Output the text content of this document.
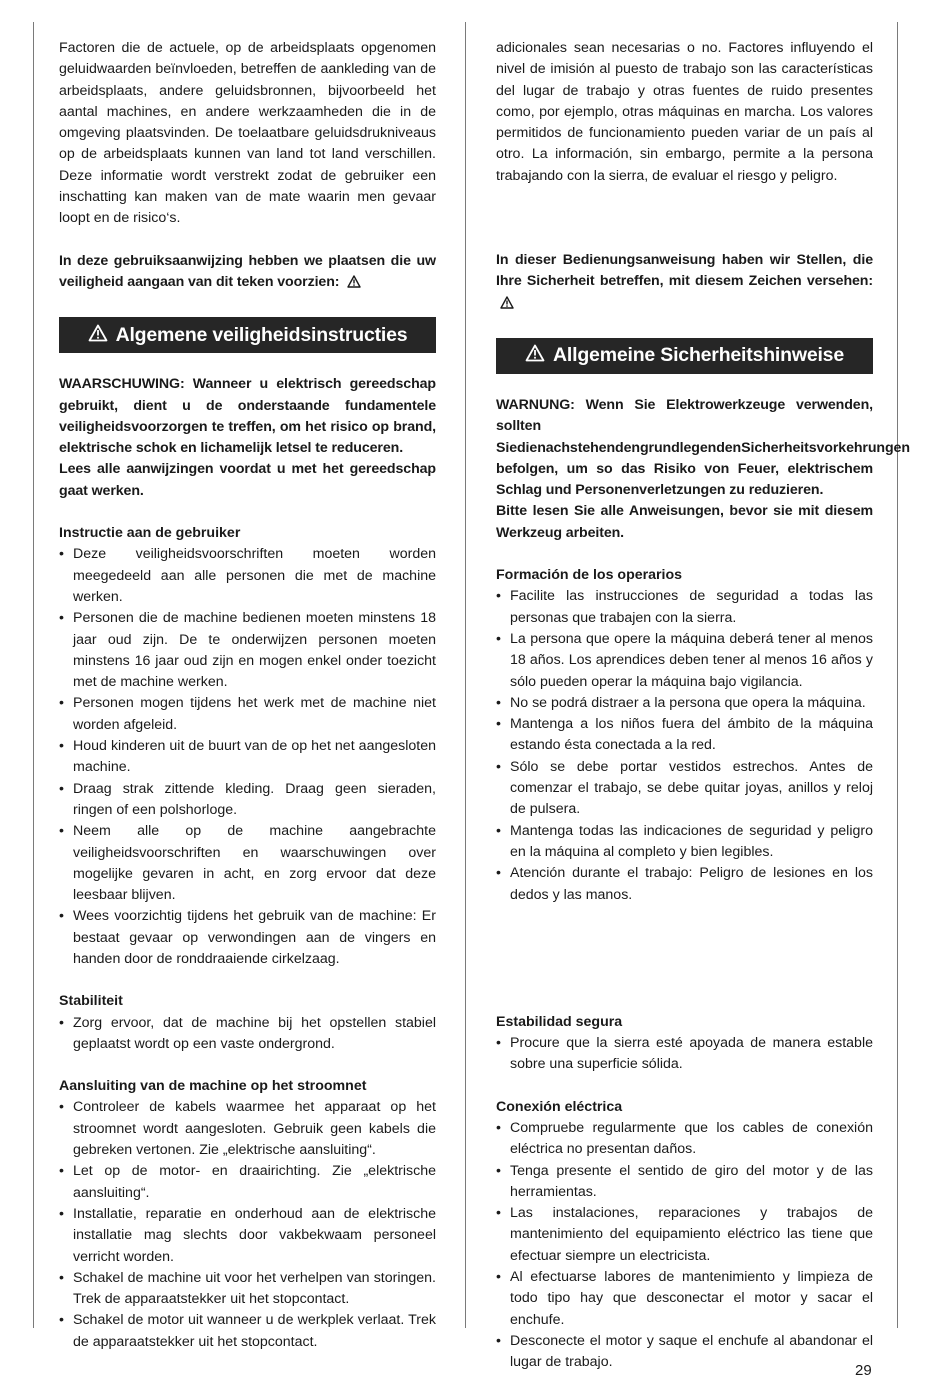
Factoren die de actuele, op de arbeidsplaats opgenomen geluidwaarden beïnvloeden, betreffen de aankleding van de arbeidsplaats, andere geluidsbronnen, bijvoorbeeld het aantal machines, en andere werkzaamheden die in de omgeving plaatsvinden. De toelaatbare geluidsdrukniveaus op de arbeidsplaats kunnen van land tot land verschillen. Deze informatie wordt verstrekt zodat de gebruiker een inschatting kan maken van de mate waarin men gevaar loopt en de risico‘s.

In deze gebruiksaanwijzing hebben we plaatsen die uw veiligheid aangaan van dit teken voorzien:

Algemene veiligheidsinstructies

WAARSCHUWING: Wanneer u elektrisch gereedschap gebruikt, dient u de onderstaande fundamentele veiligheidsvoorzorgen te treffen, om het risico op brand, elektrische schok en lichamelijk letsel te reduceren.

Lees alle aanwijzingen voordat u met het gereedschap gaat werken.

Instructie aan de gebruiker

• Deze veiligheidsvoorschriften moeten worden meegedeeld aan alle personen die met de machine werken.
• Personen die de machine bedienen moeten minstens 18 jaar oud zijn. De te onderwijzen personen moeten minstens 16 jaar oud zijn en mogen enkel onder toezicht met de machine werken.
• Personen mogen tijdens het werk met de machine niet worden afgeleid.
• Houd kinderen uit de buurt van de op het net aangesloten machine.
• Draag strak zittende kleding. Draag geen sieraden, ringen of een polshorloge.
• Neem alle op de machine aangebrachte veiligheidsvoorschriften en waarschuwingen over mogelijke gevaren in acht, en zorg ervoor dat deze leesbaar blijven.
• Wees voorzichtig tijdens het gebruik van de machine: Er bestaat gevaar op verwondingen aan de vingers en handen door de ronddraaiende cirkelzaag.

Stabiliteit

• Zorg ervoor, dat de machine bij het opstellen stabiel geplaatst wordt op een vaste ondergrond.

Aansluiting van de machine op het stroomnet

• Controleer de kabels waarmee het apparaat op het stroomnet wordt aangesloten. Gebruik geen kabels die gebreken vertonen. Zie „elektrische aansluiting“.
• Let op de motor- en draairichting. Zie „elektrische aansluiting“.
• Installatie, reparatie en onderhoud aan de elektrische installatie mag slechts door vakbekwaam personeel verricht worden.
• Schakel de machine uit voor het verhelpen van storingen. Trek de apparaatstekker uit het stopcontact.
• Schakel de motor uit wanneer u de werkplek verlaat. Trek de apparaatstekker uit het stopcontact.

adicionales sean necesarias o no. Factores influyendo el nivel de imisión al puesto de trabajo son las características del lugar de trabajo y otras fuentes de ruido presentes como, por ejemplo, otras máquinas en marcha. Los valores permitidos de funcionamiento pueden variar de un país al otro. La información, sin embargo, permite a la persona trabajando con la sierra, de evaluar el riesgo y peligro.

In dieser Bedienungsanweisung haben wir Stellen, die Ihre Sicherheit betreffen, mit diesem Zeichen versehen:

Allgemeine Sicherheitshinweise

WARNUNG: Wenn Sie Elektrowerkzeuge verwenden, sollten SiedienachstehendengrundlegendenSicherheitsvorkehrungen befolgen, um so das Risiko von Feuer, elektrischem Schlag und Personenverletzungen zu reduzieren.

Bitte lesen Sie alle Anweisungen, bevor sie mit diesem Werkzeug arbeiten.

Formación de los operarios

• Facilite las instrucciones de seguridad a todas las personas que trabajen con la sierra.
• La persona que opere la máquina deberá tener al menos 18 años. Los aprendices deben tener al menos 16 años y sólo pueden operar la máquina bajo vigilancia.
• No se podrá distraer a la persona que opera la máquina.
• Mantenga a los niños fuera del ámbito de la máquina estando ésta conectada a la red.
• Sólo se debe portar vestidos estrechos. Antes de comenzar el trabajo, se debe quitar joyas, anillos y reloj de pulsera.
• Mantenga todas las indicaciones de seguridad y peligro en la máquina al completo y bien legibles.
• Atención durante el trabajo: Peligro de lesiones en los dedos y las manos.

Estabilidad segura

• Procure que la sierra esté apoyada de manera estable sobre una superficie sólida.

Conexión eléctrica

• Compruebe regularmente que los cables de conexión eléctrica no presentan daños.
• Tenga presente el sentido de giro del motor y de las herramientas.
• Las instalaciones, reparaciones y trabajos de mantenimiento del equipamiento eléctrico las tiene que efectuar siempre un electricista.
• Al efectuarse labores de mantenimiento y limpieza de todo tipo hay que desconectar el motor y sacar el enchufe.
• Desconecte el motor y saque el enchufe al abandonar el lugar de trabajo.	29
